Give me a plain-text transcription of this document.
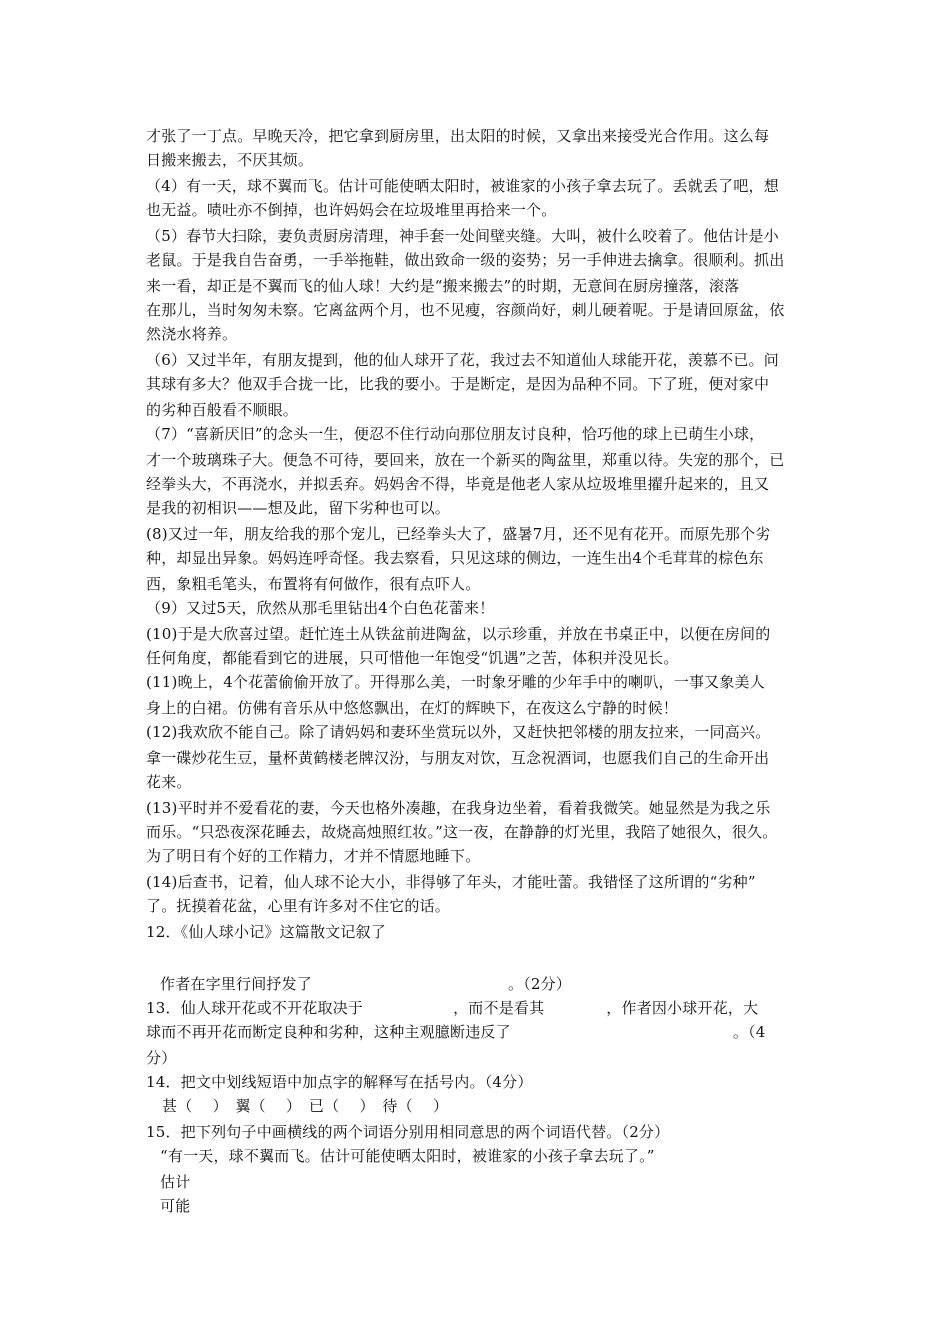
才张了一丁点。早晚天冷，把它拿到厨房里，出太阳的时候，又拿出来接受光合作用。这么每
日搬来搬去，不厌其烦。
（4）有一天，球不翼而飞。估计可能使晒太阳时，被谁家的小孩子拿去玩了。丢就丢了吧，想
也无益。啧吐亦不倒掉，也许妈妈会在垃圾堆里再拾来一个。
（5）春节大扫除，妻负责厨房清理，神手套一处间壁夹缝。大叫，被什么咬着了。他估计是小
老鼠。于是我自告奋勇，一手举拖鞋，做出致命一级的姿势；另一手伸进去擒拿。很顺利。抓出
来一看，却正是不翼而飞的仙人球！大约是“搬来搬去”的时期，无意间在厨房撞落，滚落
在那儿，当时匆匆未察。它离盆两个月，也不见瘦，容颜尚好，刺儿硬着呢。于是请回原盆，依
然浇水将养。
（6）又过半年，有朋友提到，他的仙人球开了花，我过去不知道仙人球能开花，羡慕不已。问
其球有多大？他双手合拢一比，比我的要小。于是断定，是因为品种不同。下了班，便对家中
的劣种百般看不顺眼。
（7）“喜新厌旧”的念头一生，便忍不住行动向那位朋友讨良种，恰巧他的球上已萌生小球，
才一个玻璃珠子大。便急不可待，要回来，放在一个新买的陶盆里，郑重以待。失宠的那个，已
经拳头大，不再浇水，并拟丢弃。妈妈舍不得，毕竟是他老人家从垃圾堆里擢升起来的，且又
是我的初相识——想及此，留下劣种也可以。
(8)又过一年，朋友给我的那个宠儿，已经拳头大了，盛暑7月，还不见有花开。而原先那个劣
种，却显出异象。妈妈连呼奇怪。我去察看，只见这球的侧边，一连生出4个毛茸茸的棕色东
西，象粗毛笔头，布置将有何做作，很有点吓人。
（9）又过5天，欣然从那毛里钻出4个白色花蕾来！
(10)于是大欣喜过望。赶忙连土从铁盆前进陶盆，以示珍重，并放在书桌正中，以便在房间的
任何角度，都能看到它的进展，只可惜他一年饱受“饥遇”之苦，体积并没见长。
(11)晚上，4个花蕾偷偷开放了。开得那么美，一时象牙雕的少年手中的喇叭，一事又象美人
身上的白裙。仿佛有音乐从中悠悠飘出，在灯的辉映下，在夜这么宁静的时候！
(12)我欢欣不能自己。除了请妈妈和妻环坐赏玩以外，又赶快把邻楼的朋友拉来，一同高兴。
拿一碟炒花生豆，量杯黄鹤楼老牌汉汾，与朋友对饮，互念祝酒词，也愿我们自己的生命开出
花来。
(13)平时并不爱看花的妻，今天也格外凑趣，在我身边坐着，看着我微笑。她显然是为我之乐
而乐。“只恐夜深花睡去，故烧高烛照红妆。”这一夜，在静静的灯光里，我陪了她很久，很久。
为了明日有个好的工作精力，才并不情愿地睡下。
(14)后查书，记着，仙人球不论大小，非得够了年头，才能吐蕾。我错怪了这所谓的“劣种”
了。抚摸着花盆，心里有许多对不住它的话。
12．《仙人球小记》这篇散文记叙了
作者在字里行间抒发了	。（2分）
13．仙人球开花或不开花取决于	，而不是看其	，作者因小球开花，大
球而不再开花而断定良种和劣种，这种主观臆断违反了	。（4
分）
14．把文中划线短语中加点字的解释写在括号内。（4分）
甚（　 ）　翼（　 ）　已（　 ）　待（　 ）
15．把下列句子中画横线的两个词语分别用相同意思的两个词语代替。（2分）
“有一天，球不翼而飞。估计可能使晒太阳时，被谁家的小孩子拿去玩了。”
估计
可能
